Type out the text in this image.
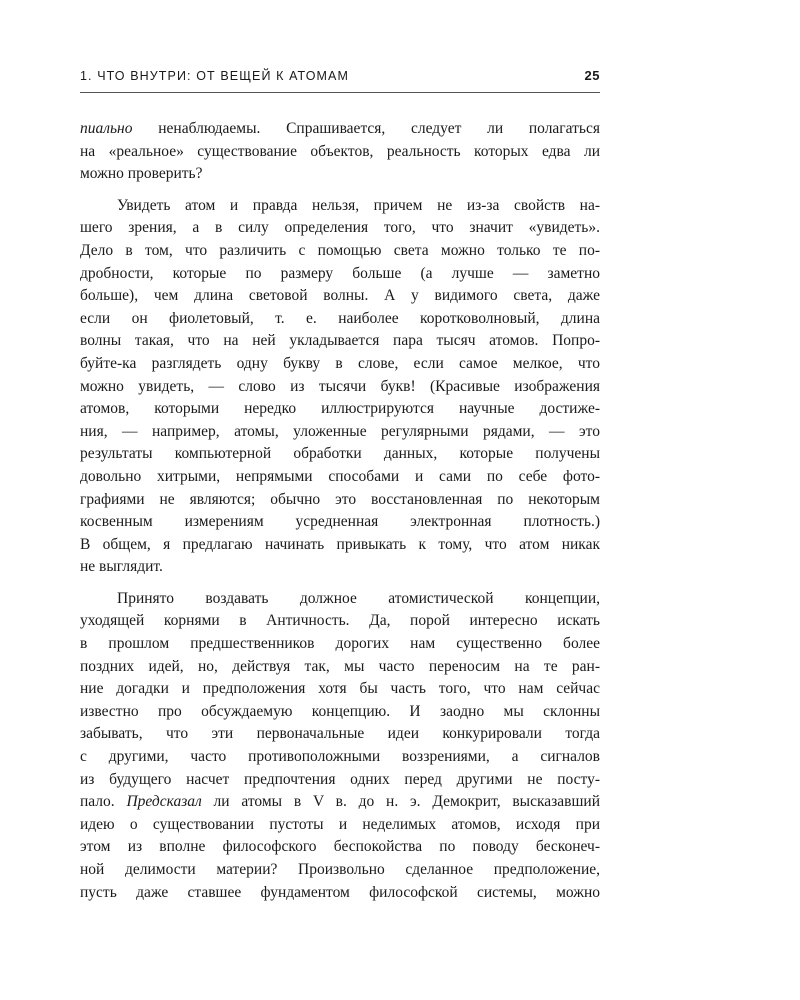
1. ЧТО ВНУТРИ: ОТ ВЕЩЕЙ К АТОМАМ	25
пиально ненаблюдаемы. Спрашивается, следует ли полагаться
на «реальное» существование объектов, реальность которых едва ли
можно проверить?
Увидеть атом и правда нельзя, причем не из-за свойств на-
шего зрения, а в силу определения того, что значит «увидеть».
Дело в том, что различить с помощью света можно только те по-
дробности, которые по размеру больше (а лучше — заметно
больше), чем длина световой волны. А у видимого света, даже
если он фиолетовый, т. е. наиболее коротковолновый, длина
волны такая, что на ней укладывается пара тысяч атомов. Попро-
буйте-ка разглядеть одну букву в слове, если самое мелкое, что
можно увидеть, — слово из тысячи букв! (Красивые изображения
атомов, которыми нередко иллюстрируются научные достиже-
ния, — например, атомы, уложенные регулярными рядами, — это
результаты компьютерной обработки данных, которые получены
довольно хитрыми, непрямыми способами и сами по себе фото-
графиями не являются; обычно это восстановленная по некоторым
косвенным измерениям усредненная электронная плотность.)
В общем, я предлагаю начинать привыкать к тому, что атом никак
не выглядит.
Принято воздавать должное атомистической концепции,
уходящей корнями в Античность. Да, порой интересно искать
в прошлом предшественников дорогих нам существенно более
поздних идей, но, действуя так, мы часто переносим на те ран-
ние догадки и предположения хотя бы часть того, что нам сейчас
известно про обсуждаемую концепцию. И заодно мы склонны
забывать, что эти первоначальные идеи конкурировали тогда
с другими, часто противоположными воззрениями, а сигналов
из будущего насчет предпочтения одних перед другими не посту-
пало. Предсказал ли атомы в V в. до н. э. Демокрит, высказавший
идею о существовании пустоты и неделимых атомов, исходя при
этом из вполне философского беспокойства по поводу бесконеч-
ной делимости материи? Произвольно сделанное предположение,
пусть даже ставшее фундаментом философской системы, можно
